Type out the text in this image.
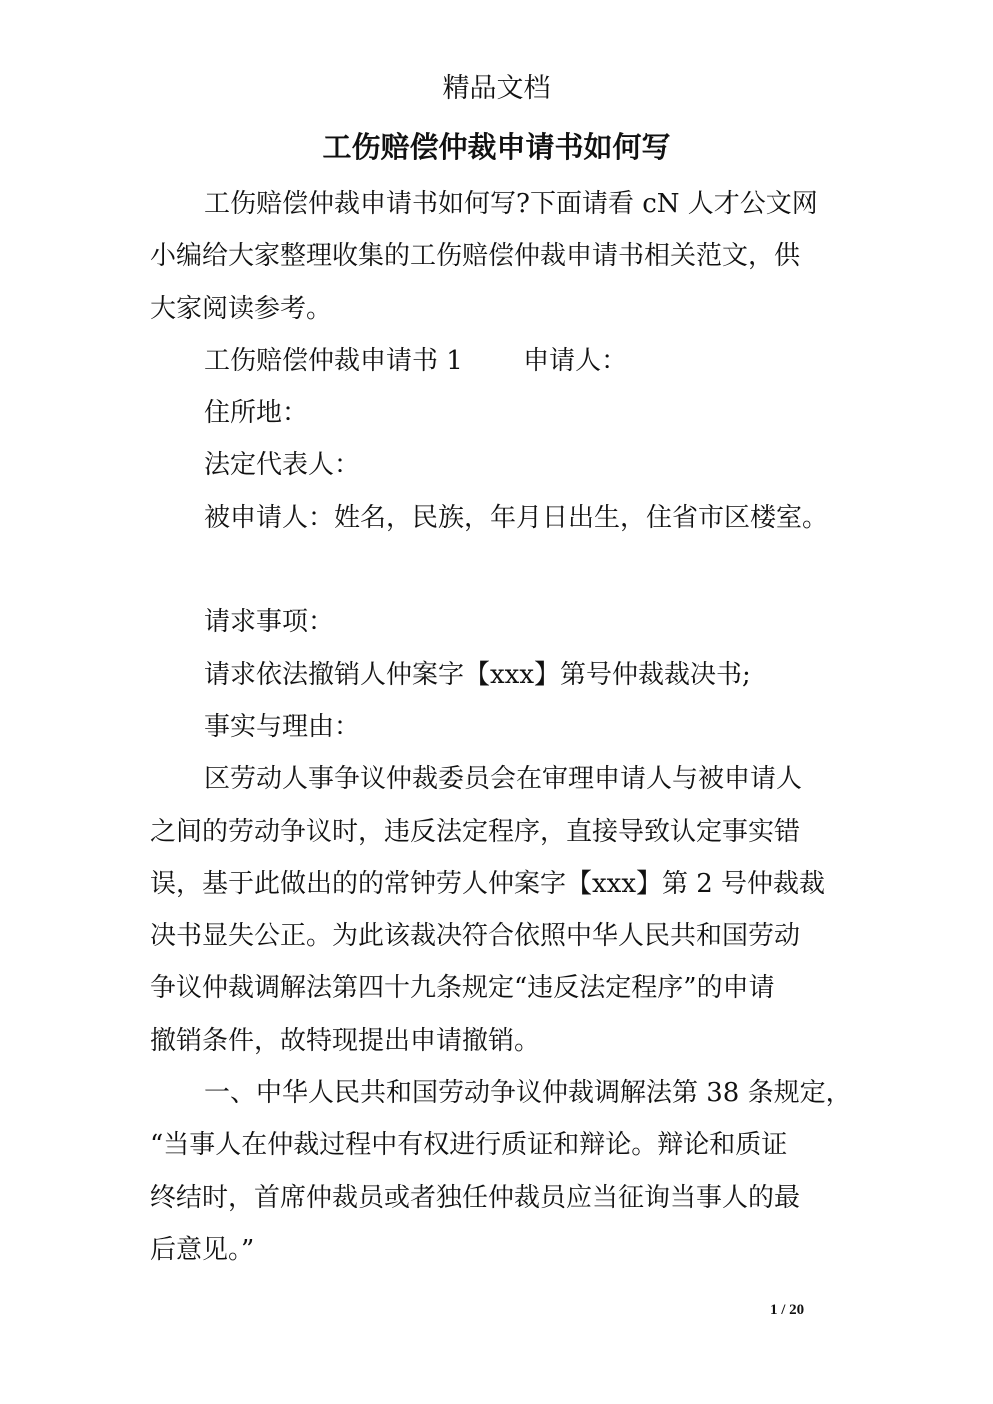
精品文档
工伤赔偿仲裁申请书如何写
工伤赔偿仲裁申请书如何写?下面请看 cN 人才公文网
小编给大家整理收集的工伤赔偿仲裁申请书相关范文，供
大家阅读参考。
工伤赔偿仲裁申请书 1　　 申请人：
住所地：
法定代表人：
被申请人：姓名，民族，年月日出生，住省市区楼室。
请求事项：
请求依法撤销人仲案字【xxx】第号仲裁裁决书;
事实与理由：
区劳动人事争议仲裁委员会在审理申请人与被申请人
之间的劳动争议时，违反法定程序，直接导致认定事实错
误，基于此做出的的常钟劳人仲案字【xxx】第 2 号仲裁裁
决书显失公正。为此该裁决符合依照中华人民共和国劳动
争议仲裁调解法第四十九条规定“违反法定程序”的申请
撤销条件，故特现提出申请撤销。
一、中华人民共和国劳动争议仲裁调解法第 38 条规定，
“当事人在仲裁过程中有权进行质证和辩论。辩论和质证
终结时，首席仲裁员或者独任仲裁员应当征询当事人的最
后意见。”
1 / 20
